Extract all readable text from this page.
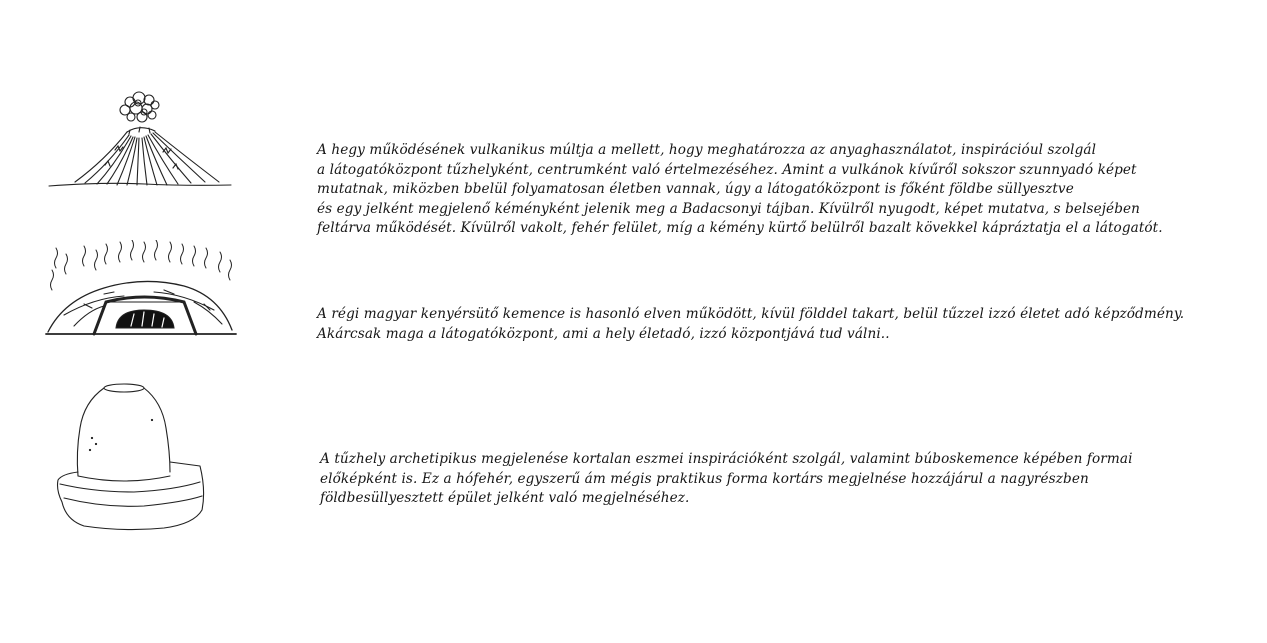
A hegy működésének vulkanikus múltja a mellett, hogy meghatározza az anyaghasználatot, inspirációul szolgál
a látogatóközpont tűzhelyként, centrumként való értelmezéséhez. Amint a vulkánok kívűről sokszor szunnyadó képet
mutatnak, miközben bbelül folyamatosan életben vannak, úgy a látogatóközpont is főként földbe süllyesztve
és egy jelként megjelenő kéményként jelenik meg a Badacsonyi tájban. Kívülről nyugodt, képet mutatva, s belsejében
feltárva működését. Kívülről vakolt, fehér felület, míg a kémény kürtő belülről bazalt kövekkel kápráztatja el a látogatót.
A régi magyar kenyérsütő kemence is hasonló elven működött, kívül földdel takart, belül tűzzel izzó életet adó képződmény.
Akárcsak maga a látogatóközpont, ami a hely életadó, izzó központjává tud válni..
A tűzhely archetipikus megjelenése kortalan eszmei inspirációként szolgál, valamint búboskemence képében formai
előképként is. Ez a hófehér, egyszerű ám mégis praktikus forma kortárs megjelnése hozzájárul a nagyrészben
földbesüllyesztett épület jelként való megjelnéséhez.
